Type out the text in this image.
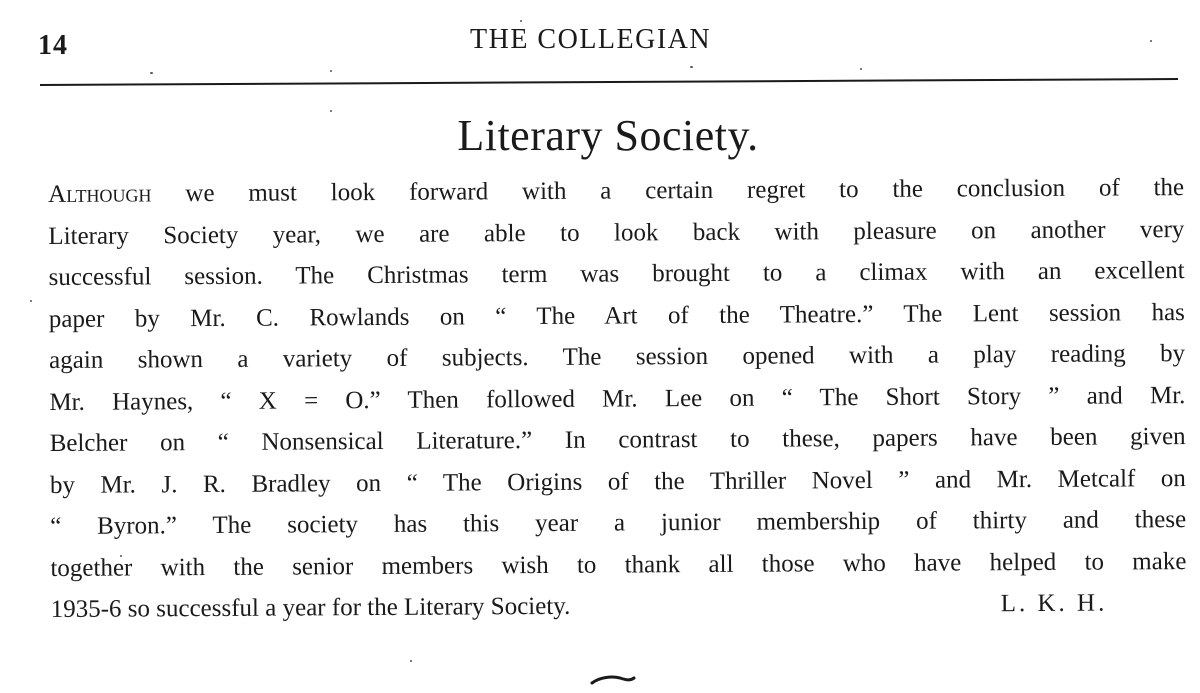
14	THE COLLEGIAN
Literary Society.
Although we must look forward with a certain regret to the conclusion of the
Literary Society year, we are able to look back with pleasure on another very
successful session. The Christmas term was brought to a climax with an excellent
paper by Mr. C. Rowlands on “ The Art of the Theatre.” The Lent session has
again shown a variety of subjects. The session opened with a play reading by
Mr. Haynes, “ X = O.” Then followed Mr. Lee on “ The Short Story ” and Mr.
Belcher on “ Nonsensical Literature.” In contrast to these, papers have been given
by Mr. J. R. Bradley on “ The Origins of the Thriller Novel ” and Mr. Metcalf on
“ Byron.” The society has this year a junior membership of thirty and these
together with the senior members wish to thank all those who have helped to make
1935-6 so successful a year for the Literary Society.	L. K. H.
